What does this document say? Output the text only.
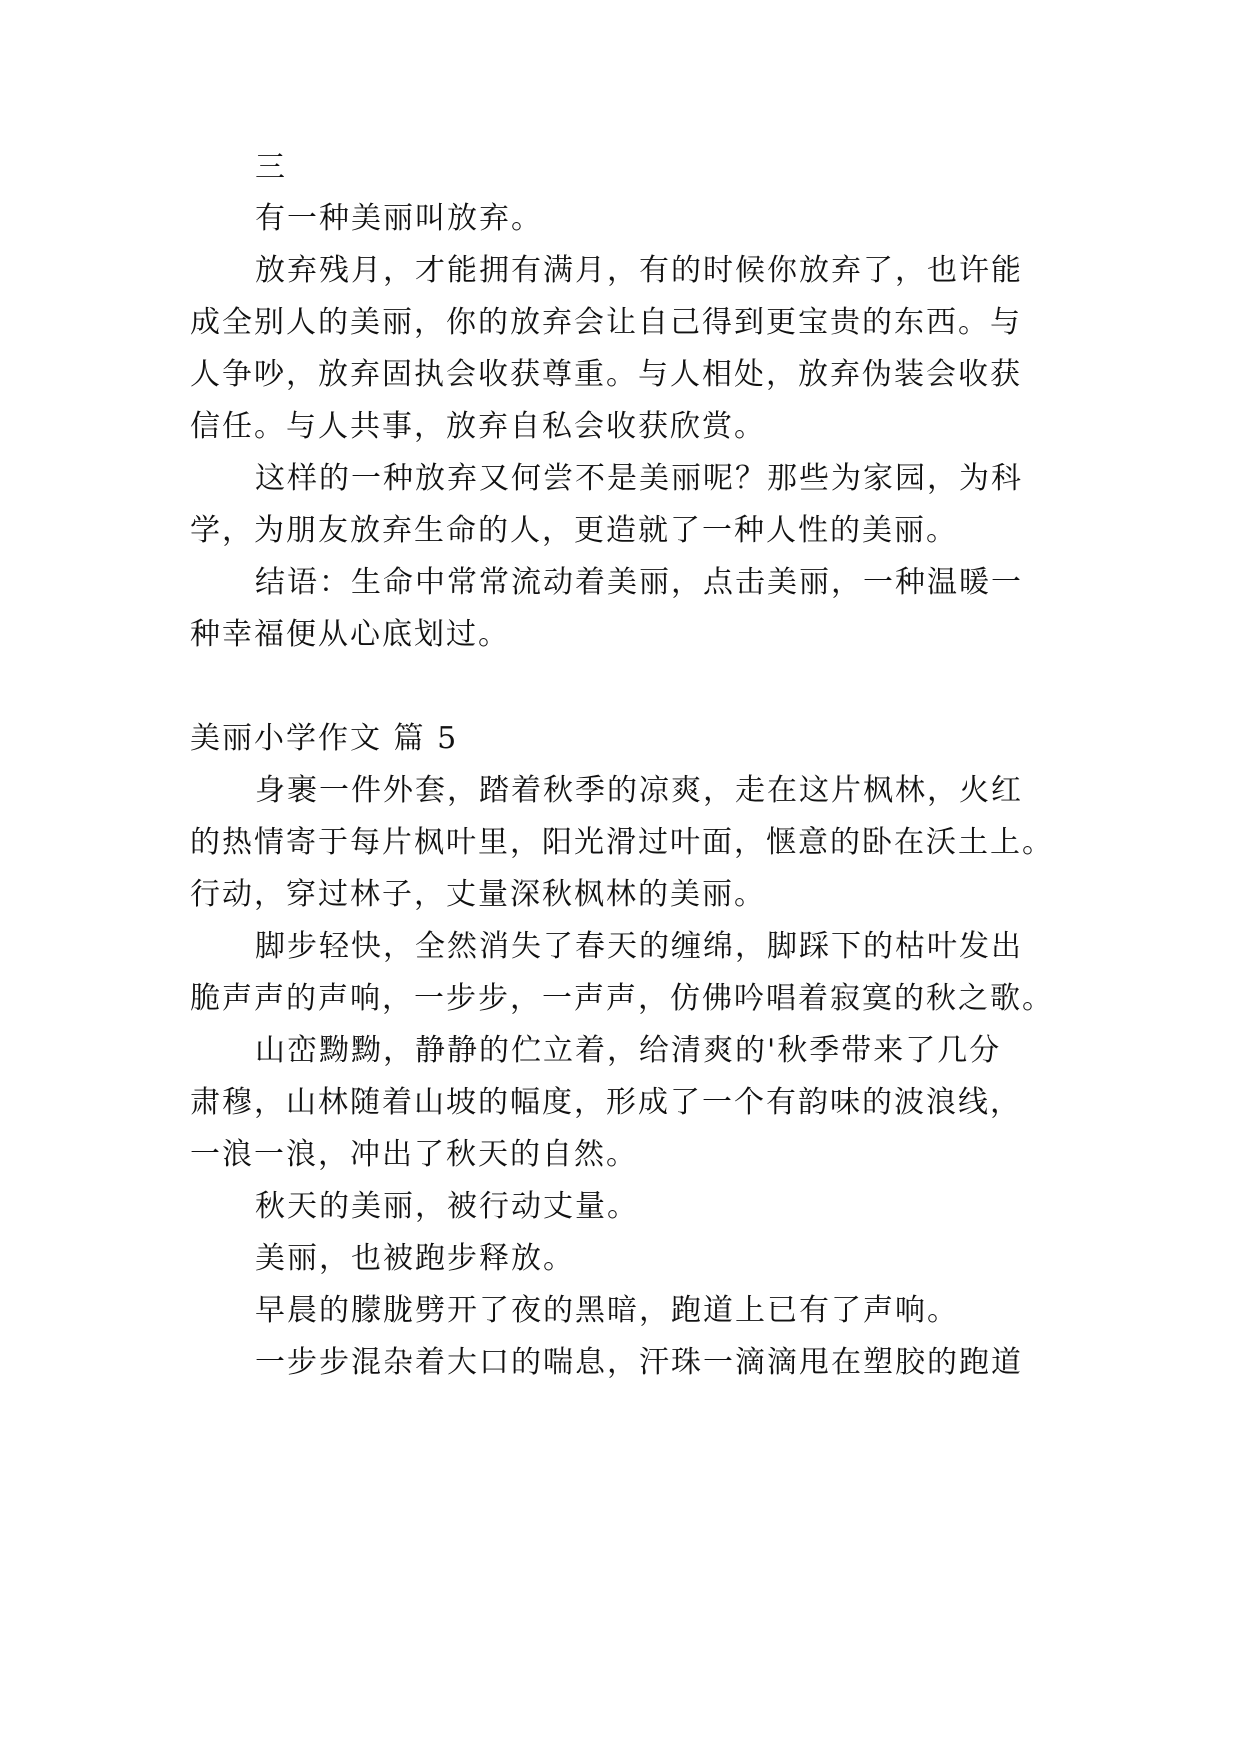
三
有一种美丽叫放弃。
放弃残月，才能拥有满月，有的时候你放弃了，也许能
成全别人的美丽，你的放弃会让自己得到更宝贵的东西。与
人争吵，放弃固执会收获尊重。与人相处，放弃伪装会收获
信任。与人共事，放弃自私会收获欣赏。
这样的一种放弃又何尝不是美丽呢？那些为家园，为科
学，为朋友放弃生命的人，更造就了一种人性的美丽。
结语：生命中常常流动着美丽，点击美丽，一种温暖一
种幸福便从心底划过。
美丽小学作文 篇 5
身裹一件外套，踏着秋季的凉爽，走在这片枫林，火红
的热情寄于每片枫叶里，阳光滑过叶面，惬意的卧在沃土上。
行动，穿过林子，丈量深秋枫林的美丽。
脚步轻快，全然消失了春天的缠绵，脚踩下的枯叶发出
脆声声的声响，一步步，一声声，仿佛吟唱着寂寞的秋之歌。
山峦黝黝，静静的伫立着，给清爽的'秋季带来了几分
肃穆，山林随着山坡的幅度，形成了一个有韵味的波浪线，
一浪一浪，冲出了秋天的自然。
秋天的美丽，被行动丈量。
美丽，也被跑步释放。
早晨的朦胧劈开了夜的黑暗，跑道上已有了声响。
一步步混杂着大口的喘息，汗珠一滴滴甩在塑胶的跑道
